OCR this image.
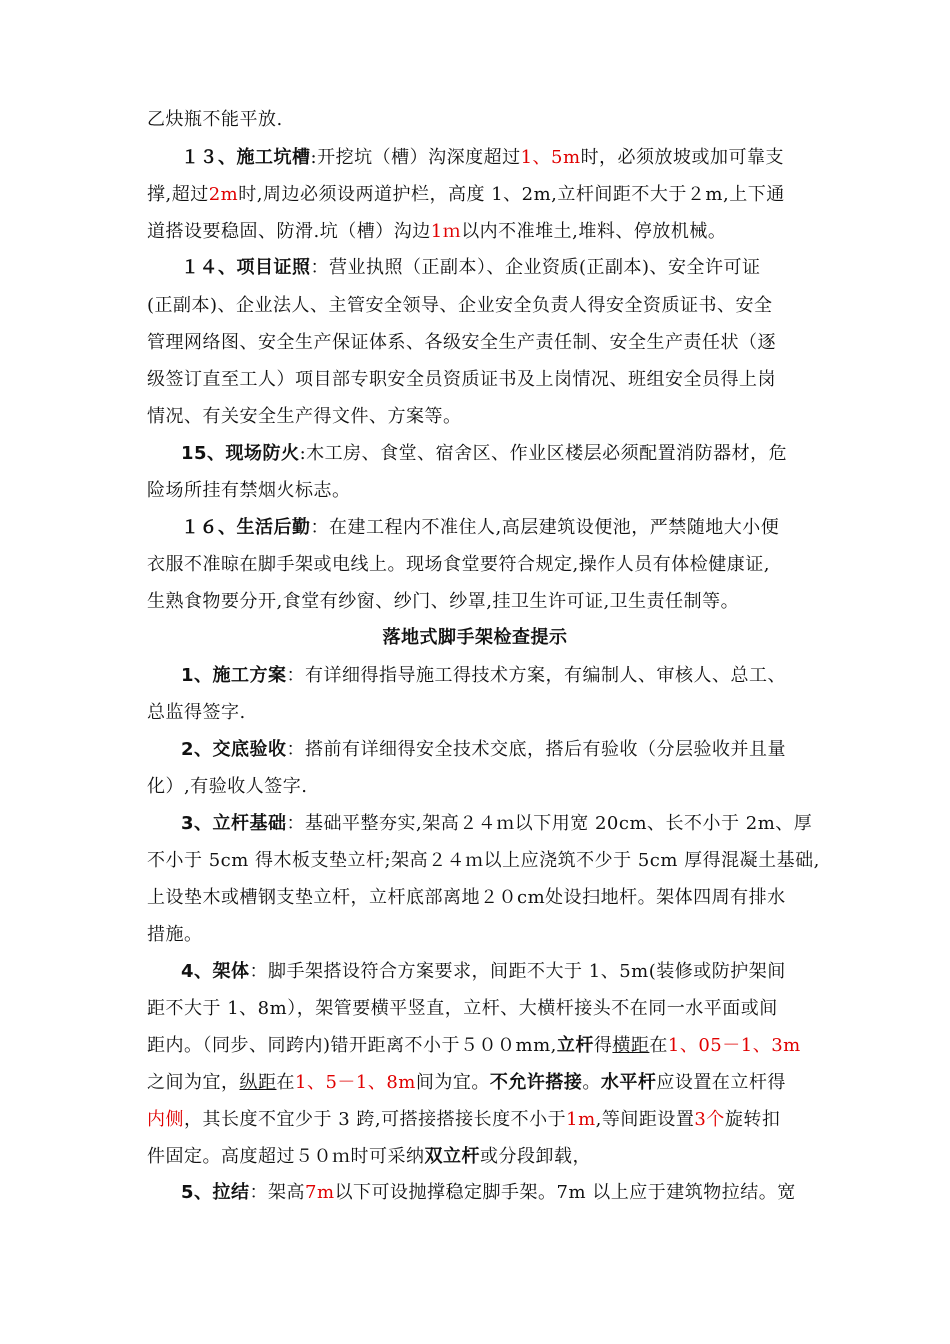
乙炔瓶不能平放.
１３、施工坑槽:开挖坑（槽）沟深度超过1、5m时，必须放坡或加可靠支
撑,超过2m时,周边必须设两道护栏，高度 1、2m,立杆间距不大于２m,上下通
道搭设要稳固、防滑.坑（槽）沟边1ｍ以内不准堆土,堆料、停放机械。
１４、项目证照：营业执照（正副本）、企业资质(正副本)、安全许可证
(正副本)、企业法人、主管安全领导、企业安全负责人得安全资质证书、安全
管理网络图、安全生产保证体系、各级安全生产责任制、安全生产责任状（逐
级签订直至工人）项目部专职安全员资质证书及上岗情况、班组安全员得上岗
情况、有关安全生产得文件、方案等。
15、现场防火:木工房、食堂、宿舍区、作业区楼层必须配置消防器材，危
险场所挂有禁烟火标志。
１６、生活后勤：在建工程内不准住人,高层建筑设便池，严禁随地大小便
衣服不准晾在脚手架或电线上。现场食堂要符合规定,操作人员有体检健康证,
生熟食物要分开,食堂有纱窗、纱门、纱罩,挂卫生许可证,卫生责任制等。
落地式脚手架检查提示
1、施工方案：有详细得指导施工得技术方案，有编制人、审核人、总工、
总监得签字.
2、交底验收：搭前有详细得安全技术交底，搭后有验收（分层验收并且量
化）,有验收人签字.
3、立杆基础：基础平整夯实,架高２４ｍ以下用宽 20cm、长不小于 2m、厚
不小于 5cm 得木板支垫立杆;架高２４ｍ以上应浇筑不少于 5cm 厚得混凝土基础,
上设垫木或槽钢支垫立杆，立杆底部离地２０cm处设扫地杆。架体四周有排水
措施。
4、架体：脚手架搭设符合方案要求，间距不大于 1、5m(装修或防护架间
距不大于 1、8m），架管要横平竖直，立杆、大横杆接头不在同一水平面或间
距内。（同步、同跨内)错开距离不小于５００mm,立杆得横距在1、05－1、3m
之间为宜，纵距在1、5－1、8m间为宜。不允许搭接。水平杆应设置在立杆得
内侧，其长度不宜少于 3 跨,可搭接搭接长度不小于1m,等间距设置3个旋转扣
件固定。高度超过５０ｍ时可采纳双立杆或分段卸载，
5、拉结：架高7m以下可设抛撑稳定脚手架。7m 以上应于建筑物拉结。宽
